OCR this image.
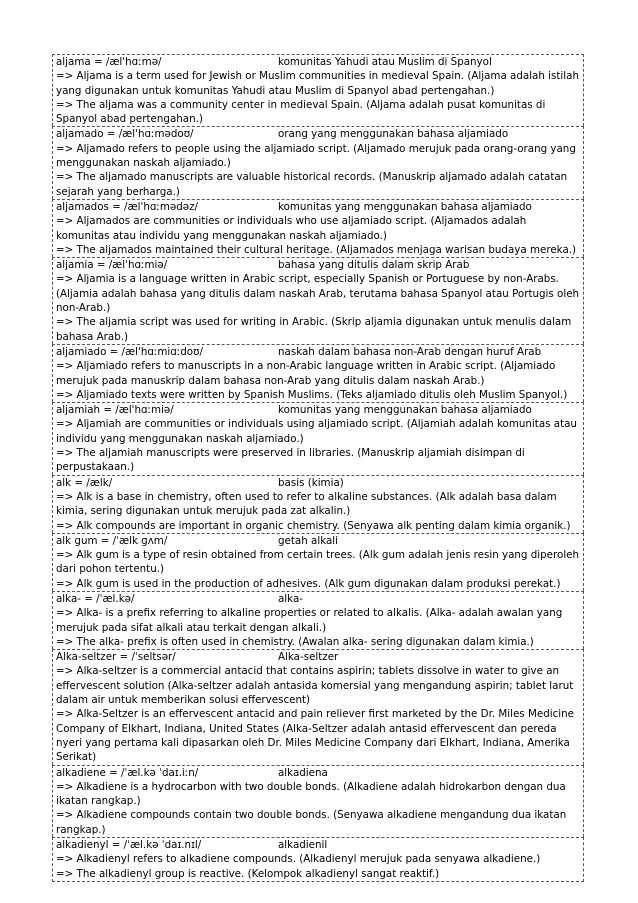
aljama = /æl'hɑːmə/	komunitas Yahudi atau Muslim di Spanyol
=> Aljama is a term used for Jewish or Muslim communities in medieval Spain. (Aljama adalah istilah yang digunakan untuk komunitas Yahudi atau Muslim di Spanyol abad pertengahan.)
=> The aljama was a community center in medieval Spain. (Aljama adalah pusat komunitas di Spanyol abad pertengahan.)
aljamado = /æl'hɑːmədoʊ/	orang yang menggunakan bahasa aljamiado
=> Aljamado refers to people using the aljamiado script. (Aljamado merujuk pada orang-orang yang menggunakan naskah aljamiado.)
=> The aljamado manuscripts are valuable historical records. (Manuskrip aljamado adalah catatan sejarah yang berharga.)
aljamados = /æl'hɑːmədəz/	komunitas yang menggunakan bahasa aljamiado
=> Aljamados are communities or individuals who use aljamiado script. (Aljamados adalah komunitas atau individu yang menggunakan naskah aljamiado.)
=> The aljamados maintained their cultural heritage. (Aljamados menjaga warisan budaya mereka.)
aljamia = /æl'hɑːmiə/	bahasa yang ditulis dalam skrip Arab
=> Aljamia is a language written in Arabic script, especially Spanish or Portuguese by non-Arabs. (Aljamia adalah bahasa yang ditulis dalam naskah Arab, terutama bahasa Spanyol atau Portugis oleh non-Arab.)
=> The aljamia script was used for writing in Arabic. (Skrip aljamia digunakan untuk menulis dalam bahasa Arab.)
aljamiado = /æl'hɑːmiɑːdoʊ/	naskah dalam bahasa non-Arab dengan huruf Arab
=> Aljamiado refers to manuscripts in a non-Arabic language written in Arabic script. (Aljamiado merujuk pada manuskrip dalam bahasa non-Arab yang ditulis dalam naskah Arab.)
=> Aljamiado texts were written by Spanish Muslims. (Teks aljamiado ditulis oleh Muslim Spanyol.)
aljamiah = /æl'hɑːmiə/	komunitas yang menggunakan bahasa aljamiado
=> Aljamiah are communities or individuals using aljamiado script. (Aljamiah adalah komunitas atau individu yang menggunakan naskah aljamiado.)
=> The aljamiah manuscripts were preserved in libraries. (Manuskrip aljamiah disimpan di perpustakaan.)
alk = /ælk/	basis (kimia)
=> Alk is a base in chemistry, often used to refer to alkaline substances. (Alk adalah basa dalam kimia, sering digunakan untuk merujuk pada zat alkalin.)
=> Alk compounds are important in organic chemistry. (Senyawa alk penting dalam kimia organik.)
alk gum = /ˈælk ɡʌm/	getah alkali
=> Alk gum is a type of resin obtained from certain trees. (Alk gum adalah jenis resin yang diperoleh dari pohon tertentu.)
=> Alk gum is used in the production of adhesives. (Alk gum digunakan dalam produksi perekat.)
alka- = /ˈæl.kə/	alka-
=> Alka- is a prefix referring to alkaline properties or related to alkalis. (Alka- adalah awalan yang merujuk pada sifat alkali atau terkait dengan alkali.)
=> The alka- prefix is often used in chemistry. (Awalan alka- sering digunakan dalam kimia.)
Alka-seltzer = /ˈseltsər/	Alka-seltzer
=> Alka-seltzer is a commercial antacid that contains aspirin; tablets dissolve in water to give an effervescent solution (Alka-seltzer adalah antasida komersial yang mengandung aspirin; tablet larut dalam air untuk memberikan solusi effervescent)
=> Alka-Seltzer is an effervescent antacid and pain reliever first marketed by the Dr. Miles Medicine Company of Elkhart, Indiana, United States (Alka-Seltzer adalah antasid effervescent dan pereda nyeri yang pertama kali dipasarkan oleh Dr. Miles Medicine Company dari Elkhart, Indiana, Amerika Serikat)
alkadiene = /ˈæl.kə ˈdaɪ.iːn/	alkadiena
=> Alkadiene is a hydrocarbon with two double bonds. (Alkadiene adalah hidrokarbon dengan dua ikatan rangkap.)
=> Alkadiene compounds contain two double bonds. (Senyawa alkadiene mengandung dua ikatan rangkap.)
alkadienyl = /ˈæl.kə ˈdaɪ.nɪl/	alkadienil
=> Alkadienyl refers to alkadiene compounds. (Alkadienyl merujuk pada senyawa alkadiene.)
=> The alkadienyl group is reactive. (Kelompok alkadienyl sangat reaktif.)
